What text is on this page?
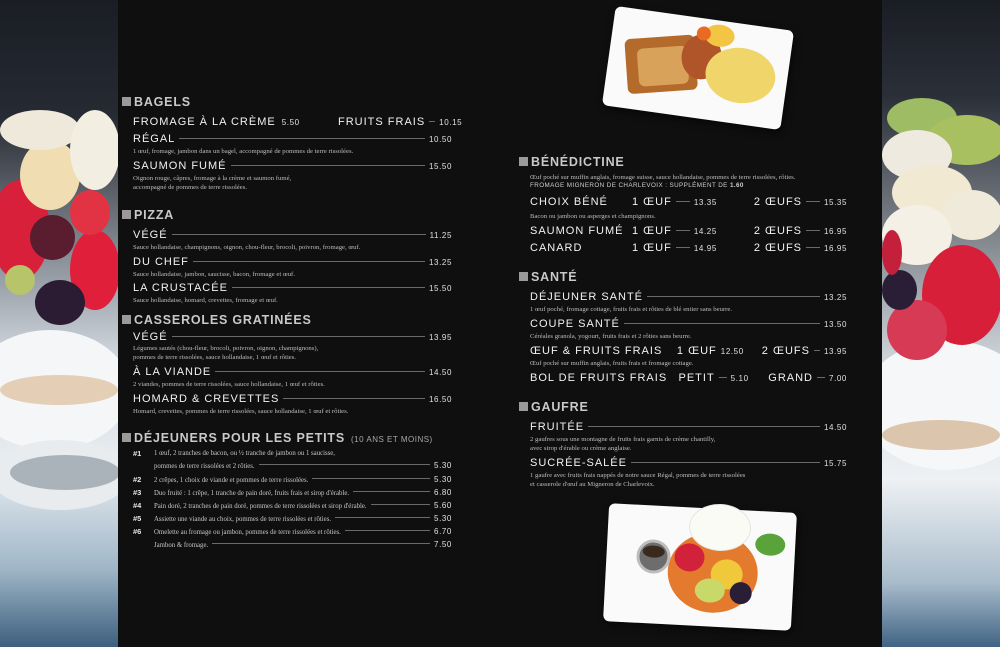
BAGELS
FROMAGE À LA CRÈME 5.50	FRUITS FRAIS 10.15
RÉGAL	10.50
1 œuf, fromage, jambon dans un bagel, accompagné de pommes de terre rissolées.
SAUMON FUMÉ	15.50
Oignon rouge, câpres, fromage à la crème et saumon fumé,
accompagné de pommes de terre rissolées.
PIZZA
VÉGÉ	11.25
Sauce hollandaise, champignons, oignon, chou-fleur, brocoli, poivron, fromage, œuf.
DU CHEF	13.25
Sauce hollandaise, jambon, saucisse, bacon, fromage et œuf.
LA CRUSTACÉE	15.50
Sauce hollandaise, homard, crevettes, fromage et œuf.
CASSEROLES GRATINÉES
VÉGÉ	13.95
Légumes sautés (chou-fleur, brocoli, poivron, oignon, champignons),
pommes de terre rissolées, sauce hollandaise, 1 œuf et rôties.
À LA VIANDE	14.50
2 viandes, pommes de terre rissolées, sauce hollandaise, 1 œuf et rôties.
HOMARD & CREVETTES	16.50
Homard, crevettes, pommes de terre rissolées, sauce hollandaise, 1 œuf et rôties.
DÉJEUNERS POUR LES PETITS (10 ANS ET MOINS)
#1 1 œuf, 2 tranches de bacon, ou ½ tranche de jambon ou 1 saucisse,
pommes de terre rissolées et 2 rôties.	5.30
#2 2 crêpes, 1 choix de viande et pommes de terre rissolées.	5.30
#3 Duo fruité : 1 crêpe, 1 tranche de pain doré, fruits frais et sirop d'érable.	6.80
#4 Pain doré, 2 tranches de pain doré, pommes de terre rissolées et sirop d'érable.	5.60
#5 Assiette une viande au choix, pommes de terre rissolées et rôties.	5.30
#6 Omelette au fromage ou jambon, pommes de terre rissolées et rôties.	6.70
Jambon & fromage.	7.50
BÉNÉDICTINE
Œuf poché sur muffin anglais, fromage suisse, sauce hollandaise, pommes de terre rissolées, rôties.
FROMAGE MIGNERON DE CHARLEVOIX : SUPPLÉMENT DE 1.60
CHOIX BÉNÉ	1 ŒUF	13.35	2 ŒUFS	15.35
Bacon ou jambon ou asperges et champignons.
SAUMON FUMÉ 1 ŒUF	14.25	2 ŒUFS	16.95
CANARD	1 ŒUF	14.95	2 ŒUFS	16.95
SANTÉ
DÉJEUNER SANTÉ	13.25
1 œuf poché, fromage cottage, fruits frais et rôties de blé entier sans beurre.
COUPE SANTÉ	13.50
Céréales granola, yogourt, fruits frais et 2 rôties sans beurre.
ŒUF & FRUITS FRAIS	1 ŒUF 12.50	2 ŒUFS 13.95
Œuf poché sur muffin anglais, fruits frais et fromage cottage.
BOL DE FRUITS FRAIS	PETIT 5.10	GRAND 7.00
GAUFRE
FRUITÉE	14.50
2 gaufres sous une montagne de fruits frais garnis de crème chantilly,
avec sirop d'érable ou crème anglaise.
SUCRÉE-SALÉE	15.75
1 gaufre avec fruits frais nappés de notre sauce Régal, pommes de terre rissolées
et casserole d'œuf au Migneron de Charlevoix.
